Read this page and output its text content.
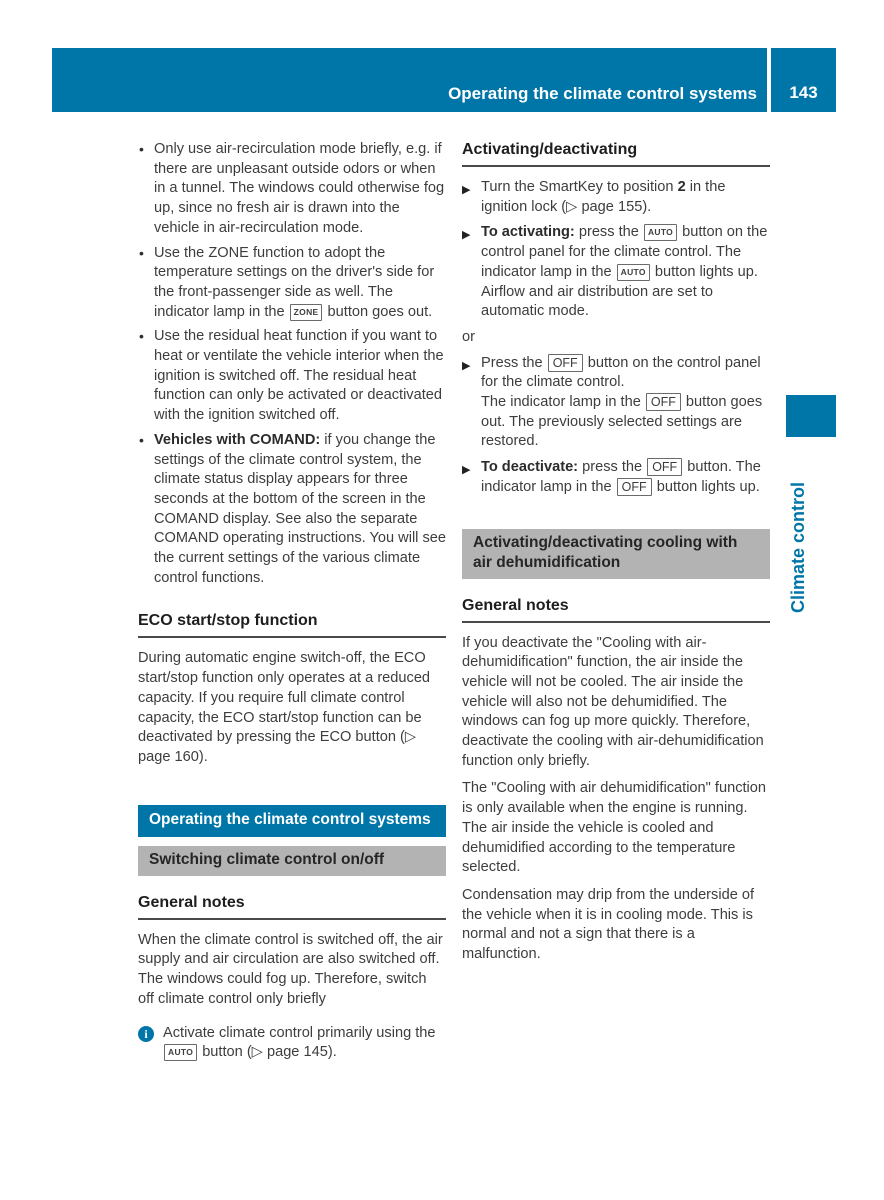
Operating the climate control systems 143
Climate control
• Only use air-recirculation mode briefly, e.g. if there are unpleasant outside odors or when in a tunnel. The windows could otherwise fog up, since no fresh air is drawn into the vehicle in air-recirculation mode.
• Use the ZONE function to adopt the temperature settings on the driver's side for the front-passenger side as well. The indicator lamp in the ZONE button goes out.
• Use the residual heat function if you want to heat or ventilate the vehicle interior when the ignition is switched off. The residual heat function can only be activated or deactivated with the ignition switched off.
• Vehicles with COMAND: if you change the settings of the climate control system, the climate status display appears for three seconds at the bottom of the screen in the COMAND display. See also the separate COMAND operating instructions. You will see the current settings of the various climate control functions.
ECO start/stop function

During automatic engine switch-off, the ECO start/stop function only operates at a reduced capacity. If you require full climate control capacity, the ECO start/stop function can be deactivated by pressing the ECO button (▷ page 160).

Operating the climate control systems
Switching climate control on/off
General notes

When the climate control is switched off, the air supply and air circulation are also switched off. The windows could fog up. Therefore, switch off climate control only briefly

i	Activate climate control primarily using the AUTO button (▷ page 145).
Activating/deactivating
▶ Turn the SmartKey to position 2 in the ignition lock (▷ page 155).
▶ To activating: press the AUTO button on the control panel for the climate control. The indicator lamp in the AUTO button lights up. Airflow and air distribution are set to automatic mode.
or
▶ Press the OFF button on the control panel for the climate control.
The indicator lamp in the OFF button goes out. The previously selected settings are restored.
▶ To deactivate: press the OFF button. The indicator lamp in the OFF button lights up.
Activating/deactivating cooling with air dehumidification
General notes

If you deactivate the "Cooling with air-dehumidification" function, the air inside the vehicle will not be cooled. The air inside the vehicle will also not be dehumidified. The windows can fog up more quickly. Therefore, deactivate the cooling with air-dehumidification function only briefly.

The "Cooling with air dehumidification" function is only available when the engine is running. The air inside the vehicle is cooled and dehumidified according to the temperature selected.

Condensation may drip from the underside of the vehicle when it is in cooling mode. This is normal and not a sign that there is a malfunction.
